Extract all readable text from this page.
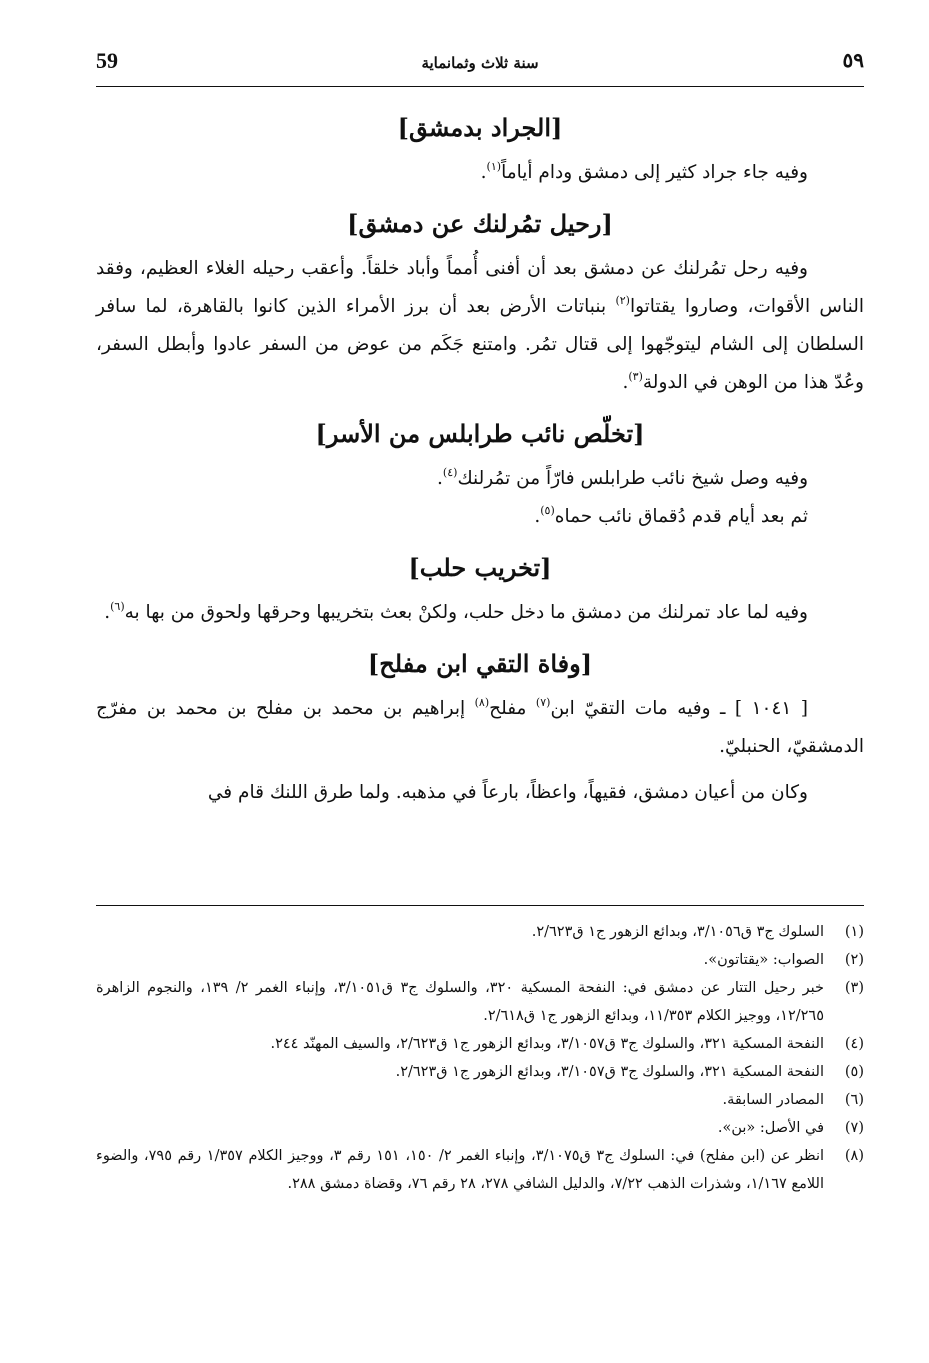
59	سنة ثلاث وثمانماية	٥٩
[الجراد بدمشق]

وفيه جاء جراد كثير إلى دمشق ودام أياماً$^{(١)}$.

[رحيل تمُرلنك عن دمشق]

وفيه رحل تمُرلنك عن دمشق بعد أن أفنى أُمماً وأباد خلقاً. وأعقب رحيله الغلاء العظيم، وفقد الناس الأقوات، وصاروا يقتاتوا$^{(٢)}$ بنباتات الأرض بعد أن برز الأمراء الذين كانوا بالقاهرة، لما سافر السلطان إلى الشام ليتوجّهوا إلى قتال تمُر. وامتنع جَكَم من عوض من السفر عادوا وأبطل السفر، وعُدّ هذا من الوهن في الدولة$^{(٣)}$.

[تخلّص نائب طرابلس من الأسر]

وفيه وصل شيخ نائب طرابلس فارّاً من تمُرلنك$^{(٤)}$.

ثم بعد أيام قدم دُقماق نائب حماه$^{(٥)}$.

[تخريب حلب]

وفيه لما عاد تمرلنك من دمشق ما دخل حلب، ولكنْ بعث بتخريبها وحرقها ولحوق من بها به$^{(٦)}$.

[وفاة التقي ابن مفلح]

[ ١٠٤١ ] ـ وفيه مات التقيّ ابن$^{(٧)}$ مفلح$^{(٨)}$ إبراهيم بن محمد بن مفلح بن محمد بن مفرّج الدمشقيّ، الحنبليّ.

وكان من أعيان دمشق، فقيهاً، واعظاً، بارعاً في مذهبه. ولما طرق اللنك قام في

(١)
السلوك ج٣ ق٣/١٠٥٦، وبدائع الزهور ج١ ق٢/٦٢٣.
(٢)
الصواب: «يقتاتون».
(٣)
خبر رحيل التتار عن دمشق في: النفحة المسكية ٣٢٠، والسلوك ج٣ ق٣/١٠٥١، وإنباء الغمر ٢/ ١٣٩، والنجوم الزاهرة ١٢/٢٦٥، ووجيز الكلام ١١/٣٥٣، وبدائع الزهور ج١ ق٢/٦١٨.
(٤)
النفحة المسكية ٣٢١، والسلوك ج٣ ق٣/١٠٥٧، وبدائع الزهور ج١ ق٢/٦٢٣، والسيف المهنّد ٢٤٤.
(٥)
النفحة المسكية ٣٢١، والسلوك ج٣ ق٣/١٠٥٧، وبدائع الزهور ج١ ق٢/٦٢٣.
(٦)
المصادر السابقة.
(٧)
في الأصل: «بن».
(٨)
انظر عن (ابن مفلح) في: السلوك ج٣ ق٣/١٠٧٥، وإنباء الغمر ٢/ ١٥٠، ١٥١ رقم ٣، ووجيز الكلام ١/٣٥٧ رقم ٧٩٥، والضوء اللامع ١/١٦٧، وشذرات الذهب ٧/٢٢، والدليل الشافي ٢٧٨، ٢٨ رقم ٧٦، وقضاة دمشق ٢٨٨.
